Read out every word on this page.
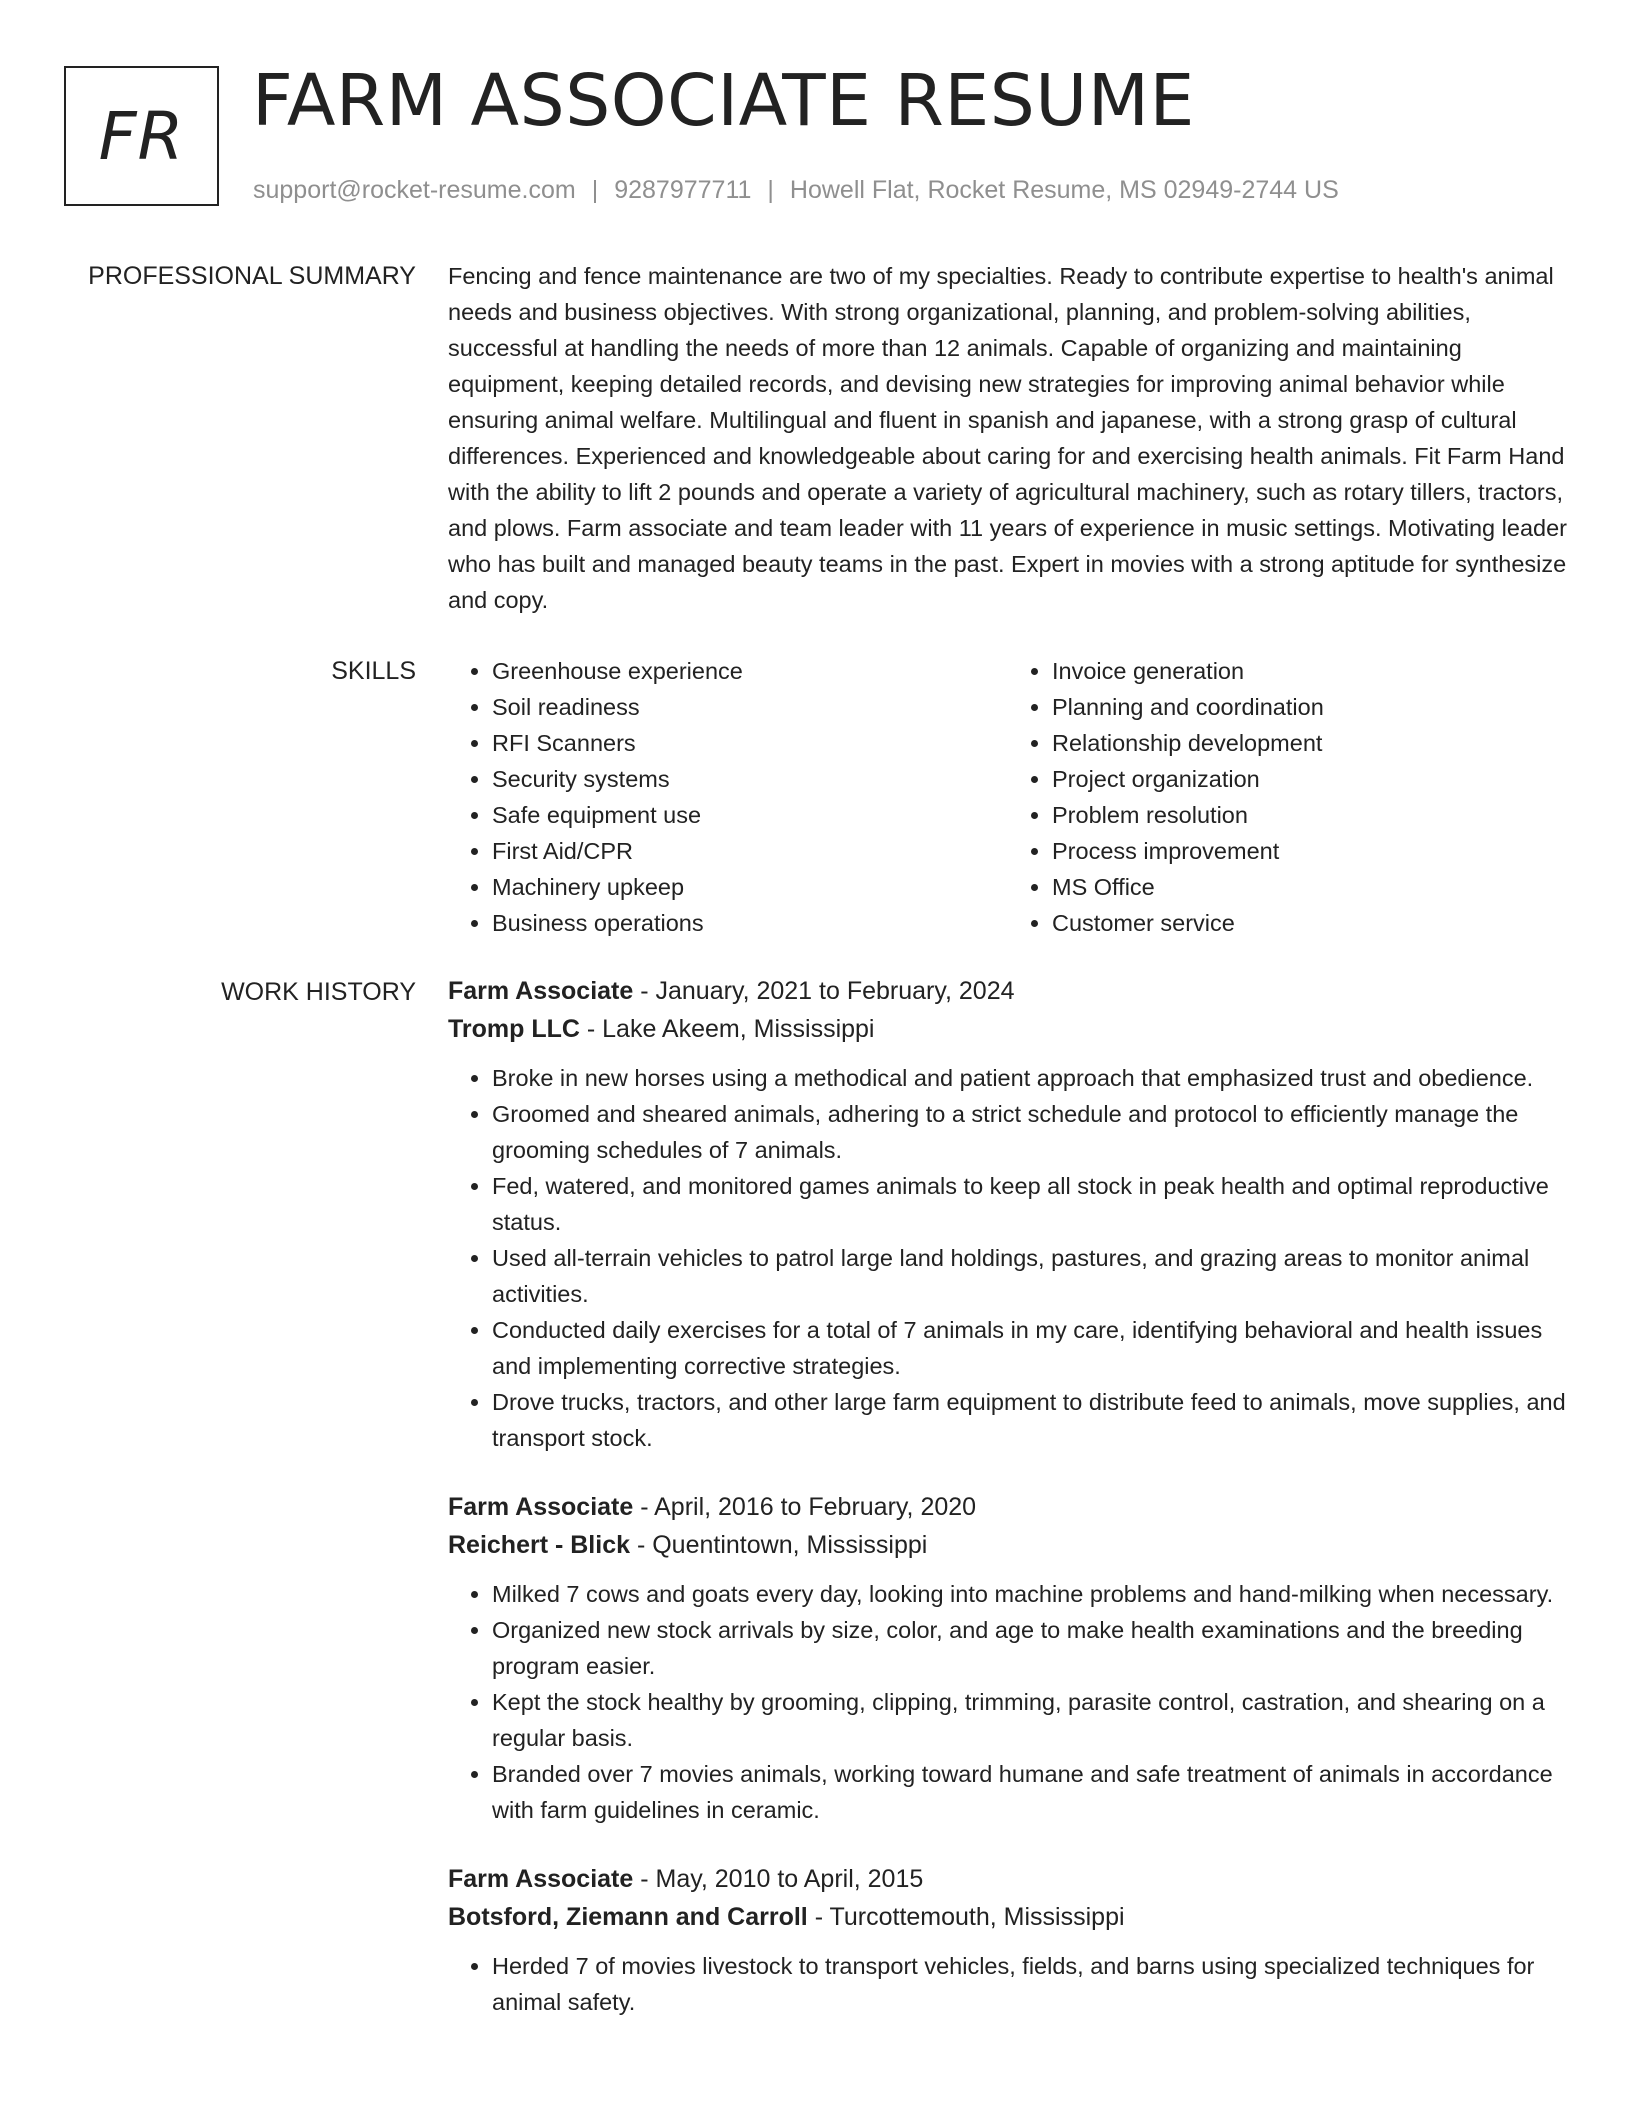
FR FARM ASSOCIATE RESUME
support@rocket-resume.com | 9287977711 | Howell Flat, Rocket Resume, MS 02949-2744 US
PROFESSIONAL SUMMARY Fencing and fence maintenance are two of my specialties. Ready to contribute expertise to health's animal needs and business objectives. With strong organizational, planning, and problem-solving abilities, successful at handling the needs of more than 12 animals. Capable of organizing and maintaining equipment, keeping detailed records, and devising new strategies for improving animal behavior while ensuring animal welfare. Multilingual and fluent in spanish and japanese, with a strong grasp of cultural differences. Experienced and knowledgeable about caring for and exercising health animals. Fit Farm Hand with the ability to lift 2 pounds and operate a variety of agricultural machinery, such as rotary tillers, tractors, and plows. Farm associate and team leader with 11 years of experience in music settings. Motivating leader who has built and managed beauty teams in the past. Expert in movies with a strong aptitude for synthesize and copy.

SKILLS
•	Greenhouse experience
• Soil readiness
• RFI Scanners
• Security systems
• Safe equipment use
• First Aid/CPR
• Machinery upkeep
• Business operations
• Invoice generation
• Planning and coordination
• Relationship development
• Project organization
• Problem resolution
• Process improvement
• MS Office
• Customer service
WORK HISTORY Farm Associate - January, 2021 to February, 2024
Tromp LLC - Lake Akeem, Mississippi
• Broke in new horses using a methodical and patient approach that emphasized trust and obedience.
• Groomed and sheared animals, adhering to a strict schedule and protocol to efficiently manage the grooming schedules of 7 animals.
• Fed, watered, and monitored games animals to keep all stock in peak health and optimal reproductive status.
• Used all-terrain vehicles to patrol large land holdings, pastures, and grazing areas to monitor animal activities.
• Conducted daily exercises for a total of 7 animals in my care, identifying behavioral and health issues and implementing corrective strategies.
• Drove trucks, tractors, and other large farm equipment to distribute feed to animals, move supplies, and transport stock.
Farm Associate - April, 2016 to February, 2020
Reichert - Blick - Quentintown, Mississippi
• Milked 7 cows and goats every day, looking into machine problems and hand-milking when necessary.
• Organized new stock arrivals by size, color, and age to make health examinations and the breeding program easier.
• Kept the stock healthy by grooming, clipping, trimming, parasite control, castration, and shearing on a regular basis.
• Branded over 7 movies animals, working toward humane and safe treatment of animals in accordance with farm guidelines in ceramic.
Farm Associate - May, 2010 to April, 2015
Botsford, Ziemann and Carroll - Turcottemouth, Mississippi
• Herded 7 of movies livestock to transport vehicles, fields, and barns using specialized techniques for animal safety.
